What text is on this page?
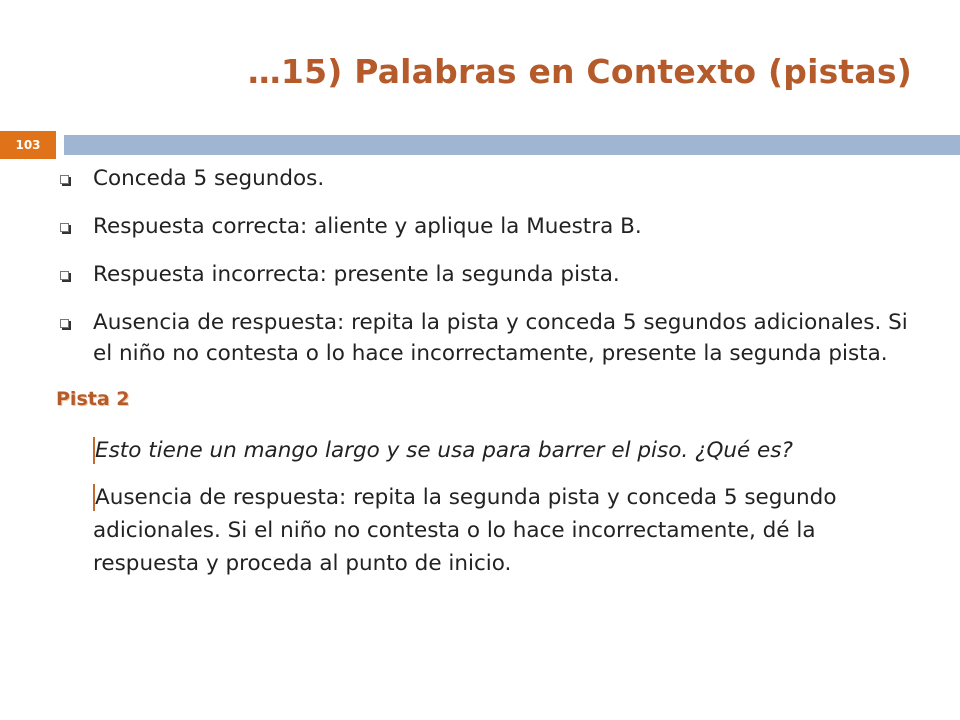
…15) Palabras en Contexto (pistas)
103
Conceda 5 segundos.
Respuesta correcta: aliente y aplique la Muestra B.
Respuesta incorrecta: presente la segunda pista.
Ausencia de respuesta: repita la pista y conceda 5 segundos adicionales. Si el niño no contesta o lo hace incorrectamente, presente la segunda pista.
Pista 2
Esto tiene un mango largo y se usa para barrer el piso. ¿Qué es?
Ausencia de respuesta: repita la segunda pista y conceda 5 segundo adicionales. Si el niño no contesta o lo hace incorrectamente, dé la respuesta y proceda al punto de inicio.
